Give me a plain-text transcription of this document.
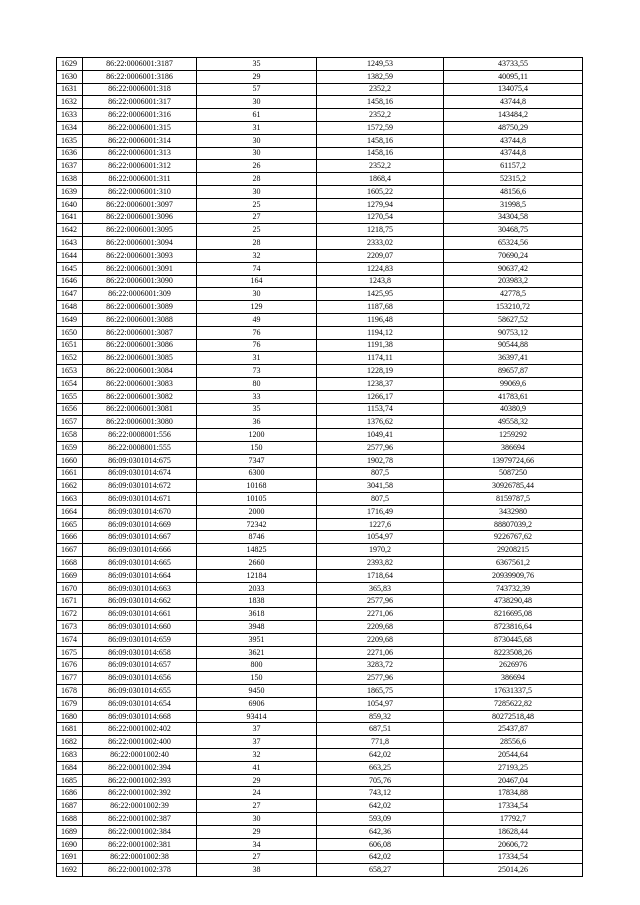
1629	86:22:0006001:3187	35	1249,53	43733,55
1630	86:22:0006001:3186	29	1382,59	40095,11
1631	86:22:0006001:318	57	2352,2	134075,4
1632	86:22:0006001:317	30	1458,16	43744,8
1633	86:22:0006001:316	61	2352,2	143484,2
1634	86:22:0006001:315	31	1572,59	48750,29
1635	86:22:0006001:314	30	1458,16	43744,8
1636	86:22:0006001:313	30	1458,16	43744,8
1637	86:22:0006001:312	26	2352,2	61157,2
1638	86:22:0006001:311	28	1868,4	52315,2
1639	86:22:0006001:310	30	1605,22	48156,6
1640	86:22:0006001:3097	25	1279,94	31998,5
1641	86:22:0006001:3096	27	1270,54	34304,58
1642	86:22:0006001:3095	25	1218,75	30468,75
1643	86:22:0006001:3094	28	2333,02	65324,56
1644	86:22:0006001:3093	32	2209,07	70690,24
1645	86:22:0006001:3091	74	1224,83	90637,42
1646	86:22:0006001:3090	164	1243,8	203983,2
1647	86:22:0006001:309	30	1425,95	42778,5
1648	86:22:0006001:3089	129	1187,68	153210,72
1649	86:22:0006001:3088	49	1196,48	58627,52
1650	86:22:0006001:3087	76	1194,12	90753,12
1651	86:22:0006001:3086	76	1191,38	90544,88
1652	86:22:0006001:3085	31	1174,11	36397,41
1653	86:22:0006001:3084	73	1228,19	89657,87
1654	86:22:0006001:3083	80	1238,37	99069,6
1655	86:22:0006001:3082	33	1266,17	41783,61
1656	86:22:0006001:3081	35	1153,74	40380,9
1657	86:22:0006001:3080	36	1376,62	49558,32
1658	86:22:0008001:556	1200	1049,41	1259292
1659	86:22:0008001:555	150	2577,96	386694
1660	86:09:0301014:675	7347	1902,78	13979724,66
1661	86:09:0301014:674	6300	807,5	5087250
1662	86:09:0301014:672	10168	3041,58	30926785,44
1663	86:09:0301014:671	10105	807,5	8159787,5
1664	86:09:0301014:670	2000	1716,49	3432980
1665	86:09:0301014:669	72342	1227,6	88807039,2
1666	86:09:0301014:667	8746	1054,97	9226767,62
1667	86:09:0301014:666	14825	1970,2	29208215
1668	86:09:0301014:665	2660	2393,82	6367561,2
1669	86:09:0301014:664	12184	1718,64	20939909,76
1670	86:09:0301014:663	2033	365,83	743732,39
1671	86:09:0301014:662	1838	2577,96	4738290,48
1672	86:09:0301014:661	3618	2271,06	8216695,08
1673	86:09:0301014:660	3948	2209,68	8723816,64
1674	86:09:0301014:659	3951	2209,68	8730445,68
1675	86:09:0301014:658	3621	2271,06	8223508,26
1676	86:09:0301014:657	800	3283,72	2626976
1677	86:09:0301014:656	150	2577,96	386694
1678	86:09:0301014:655	9450	1865,75	17631337,5
1679	86:09:0301014:654	6906	1054,97	7285622,82
1680	86:09:0301014:668	93414	859,32	80272518,48
1681	86:22:0001002:402	37	687,51	25437,87
1682	86:22:0001002:400	37	771,8	28556,6
1683	86:22:0001002:40	32	642,02	20544,64
1684	86:22:0001002:394	41	663,25	27193,25
1685	86:22:0001002:393	29	705,76	20467,04
1686	86:22:0001002:392	24	743,12	17834,88
1687	86:22:0001002:39	27	642,02	17334,54
1688	86:22:0001002:387	30	593,09	17792,7
1689	86:22:0001002:384	29	642,36	18628,44
1690	86:22:0001002:381	34	606,08	20606,72
1691	86:22:0001002:38	27	642,02	17334,54
1692	86:22:0001002:378	38	658,27	25014,26
